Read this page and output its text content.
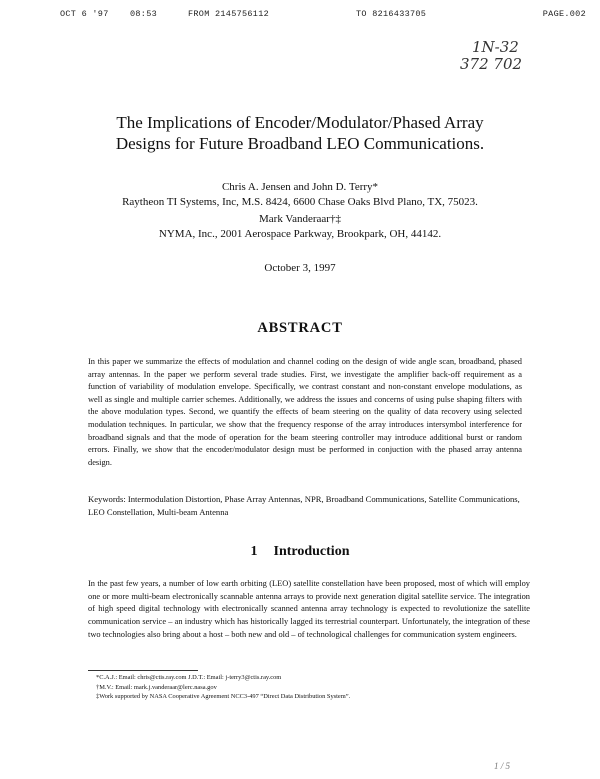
OCT 6 '97	08:53	FROM 2145756112	TO 8216433705	PAGE.002
1N-32
372 702
The Implications of Encoder/Modulator/Phased Array
Designs for Future Broadband LEO Communications.
Chris A. Jensen and John D. Terry*
Raytheon TI Systems, Inc, M.S. 8424, 6600 Chase Oaks Blvd Plano, TX, 75023.
Mark Vanderaar†‡
NYMA, Inc., 2001 Aerospace Parkway, Brookpark, OH, 44142.
October 3, 1997
ABSTRACT

In this paper we summarize the effects of modulation and channel coding on the design of wide angle scan, broadband, phased array antennas. In the paper we perform several trade studies. First, we investigate the amplifier back-off requirement as a function of variability of modulation envelope. Specifically, we contrast constant and non-constant envelope modulations, as well as single and multiple carrier schemes. Additionally, we address the issues and concerns of using pulse shaping filters with the above modulation types. Second, we quantify the effects of beam steering on the quality of data recovery using selected modulation techniques. In particular, we show that the frequency response of the array introduces intersymbol interference for broadband signals and that the mode of operation for the beam steering controller may introduce additional burst or random errors. Finally, we show that the encoder/modulator design must be performed in conjuction with the phased array antenna design.

Keywords: Intermodulation Distortion, Phase Array Antennas, NPR, Broadband Communications, Satellite Communications, LEO Constellation, Multi-beam Antenna

1 Introduction

In the past few years, a number of low earth orbiting (LEO) satellite constellation have been proposed, most of which will employ one or more multi-beam electronically scannable antenna arrays to provide next generation digital satellite service. The integration of high speed digital technology with electronically scanned antenna array technology is expected to revolutionize the satellite communication service – an industry which has historically lagged its terrestrial counterpart. Unfortunately, the integration of these two technologies also bring about a host – both new and old – of technological challenges for communication system engineers.

*C.A.J.: Email: chris@ctis.ray.com J.D.T.: Email: j-terry3@ctis.ray.com
†M.V.: Email: mark.j.vanderaar@lerc.nasa.gov
‡Work supported by NASA Cooperative Agreement NCC3-497 “Direct Data Distribution System”.
1 / 5
